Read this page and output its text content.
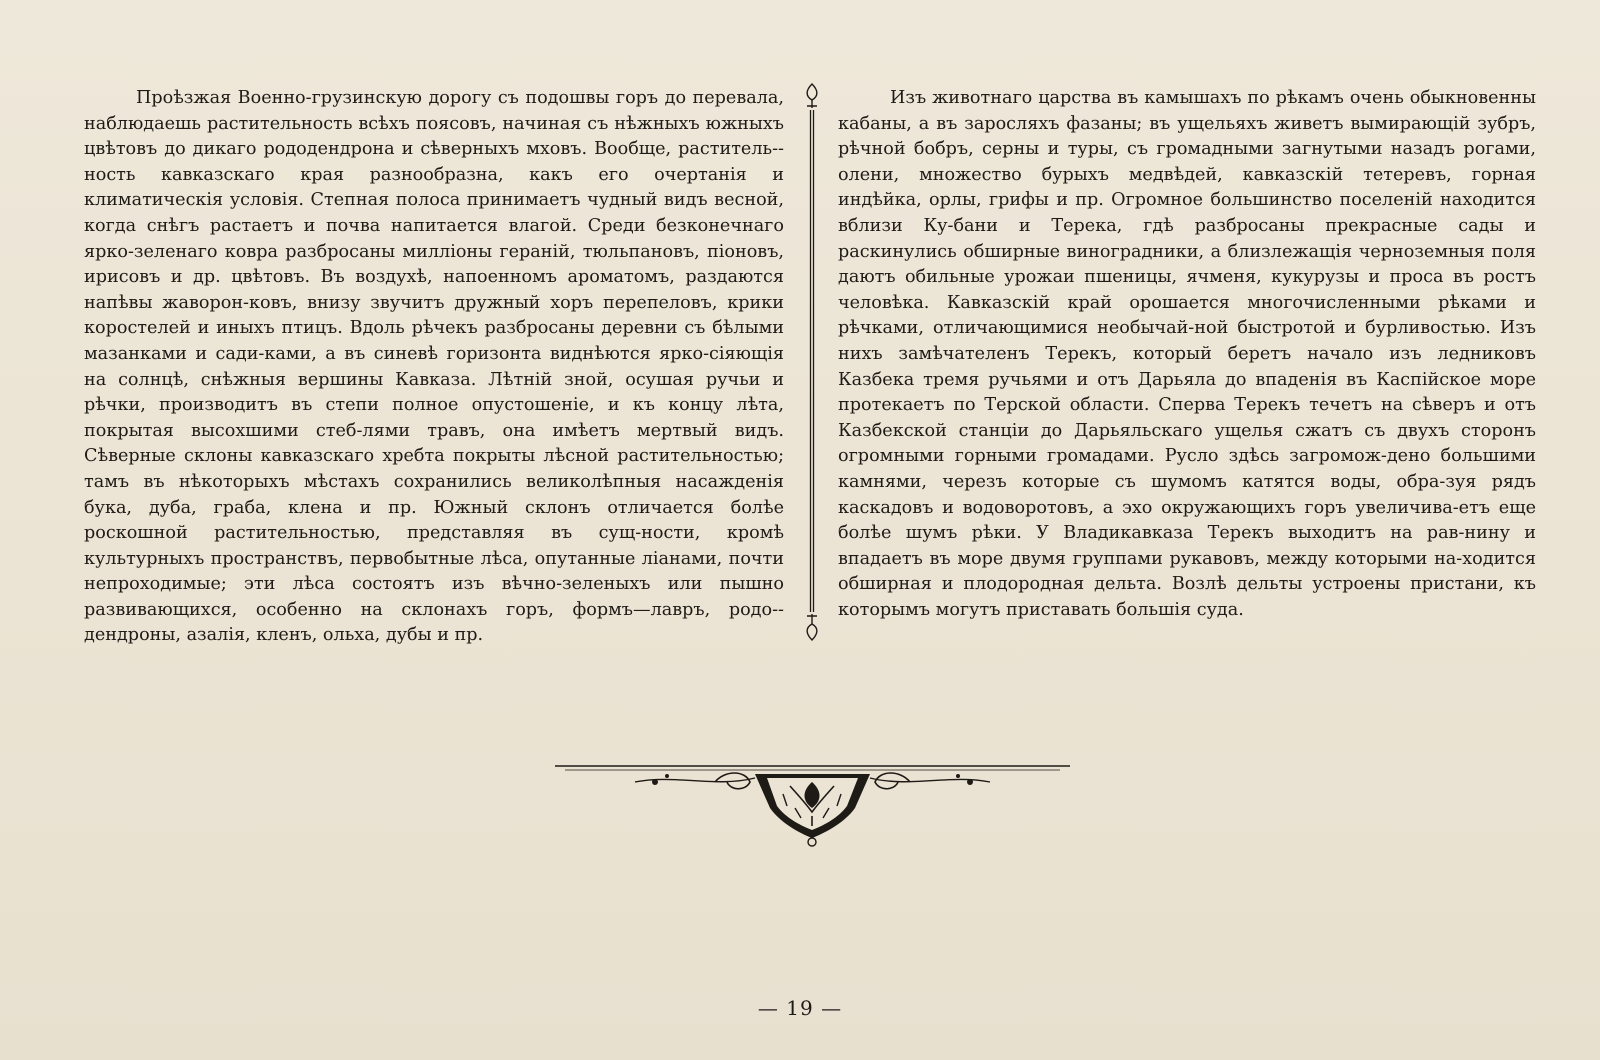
Проѣзжая Военно-грузинскую дорогу съ подошвы горъ до перевала, наблюдаешь растительность всѣхъ поясовъ, начиная съ нѣжныхъ южныхъ цвѣтовъ до дикаго рододендрона и сѣверныхъ мховъ. Вообще, раститель-ность кавказскаго края разнообразна, какъ его очертанія и климатическія условія. Степная полоса принимаетъ чудный видъ весной, когда снѣгъ растаетъ и почва напитается влагой. Среди безконечнаго ярко-зеленаго ковра разбросаны милліоны гераній, тюльпановъ, піоновъ, ирисовъ и др. цвѣтовъ. Въ воздухѣ, напоенномъ ароматомъ, раздаются напѣвы жаворон-ковъ, внизу звучитъ дружный хоръ перепеловъ, крики коростелей и иныхъ птицъ. Вдоль рѣчекъ разбросаны деревни съ бѣлыми мазанками и сади-ками, а въ синевѣ горизонта виднѣются ярко-сіяющія на солнцѣ, снѣжныя вершины Кавказа. Лѣтній зной, осушая ручьи и рѣчки, производитъ въ степи полное опустошеніе, и къ концу лѣта, покрытая высохшими стеб-лями травъ, она имѣетъ мертвый видъ. Сѣверные склоны кавказскаго хребта покрыты лѣсной растительностью; тамъ въ нѣкоторыхъ мѣстахъ сохранились великолѣпныя насажденія бука, дуба, граба, клена и пр. Южный склонъ отличается болѣе роскошной растительностью, представляя въ сущ-ности, кромѣ культурныхъ пространствъ, первобытные лѣса, опутанные ліанами, почти непроходимые; эти лѣса состоятъ изъ вѣчно-зеленыхъ или пышно развивающихся, особенно на склонахъ горъ, формъ—лавръ, родо-дендроны, азалія, кленъ, ольха, дубы и пр.

Изъ животнаго царства въ камышахъ по рѣкамъ очень обыкновенны кабаны, а въ заросляхъ фазаны; въ ущельяхъ живетъ вымирающій зубръ, рѣчной бобръ, серны и туры, съ громадными загнутыми назадъ рогами, олени, множество бурыхъ медвѣдей, кавказскій тетеревъ, горная индѣйка, орлы, грифы и пр. Огромное большинство поселеній находится вблизи Ку-бани и Терека, гдѣ разбросаны прекрасные сады и раскинулись обширные виноградники, а близлежащія черноземныя поля даютъ обильные урожаи пшеницы, ячменя, кукурузы и проса въ ростъ человѣка. Кавказскій край орошается многочисленными рѣками и рѣчками, отличающимися необычай-ной быстротой и бурливостью. Изъ нихъ замѣчателенъ Терекъ, который беретъ начало изъ ледниковъ Казбека тремя ручьями и отъ Дарьяла до впаденія въ Каспійское море протекаетъ по Терской области. Сперва Терекъ течетъ на сѣверъ и отъ Казбекской станціи до Дарьяльскаго ущелья сжатъ съ двухъ сторонъ огромными горными громадами. Русло здѣсь загромож-дено большими камнями, черезъ которые съ шумомъ катятся воды, обра-зуя рядъ каскадовъ и водоворотовъ, а эхо окружающихъ горъ увеличива-етъ еще болѣе шумъ рѣки. У Владикавказа Терекъ выходитъ на рав-нину и впадаетъ въ море двумя группами рукавовъ, между которыми на-ходится обширная и плодородная дельта. Возлѣ дельты устроены пристани, къ которымъ могутъ приставать большія суда.

— 19 —
